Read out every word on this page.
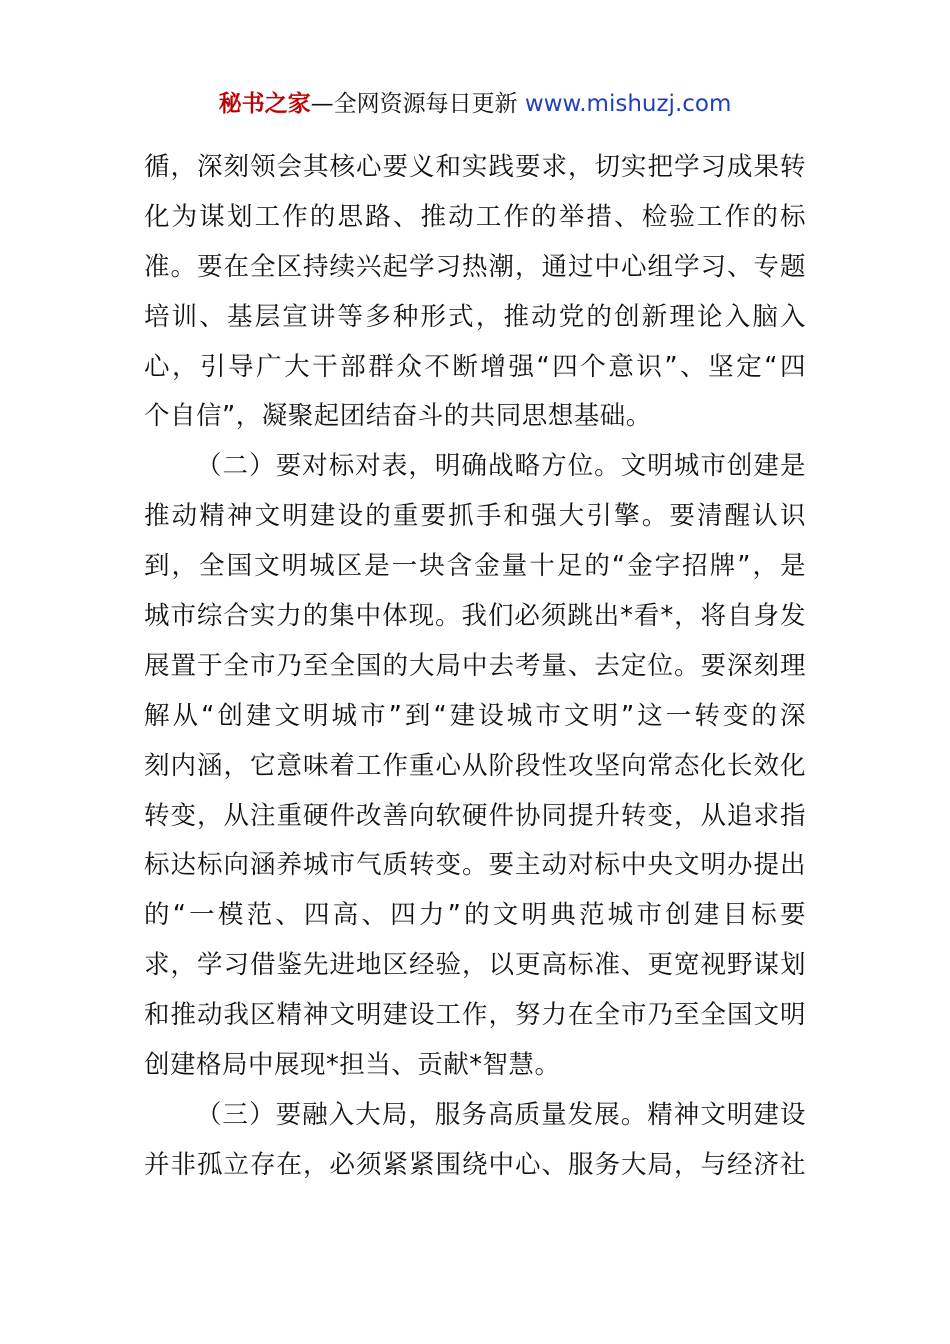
秘书之家—全网资源每日更新 www.mishuzj.com
循，深刻领会其核心要义和实践要求，切实把学习成果转
化为谋划工作的思路、推动工作的举措、检验工作的标
准。要在全区持续兴起学习热潮，通过中心组学习、专题
培训、基层宣讲等多种形式，推动党的创新理论入脑入
心，引导广大干部群众不断增强“四个意识”、坚定“四
个自信”，凝聚起团结奋斗的共同思想基础。
（二）要对标对表，明确战略方位。文明城市创建是
推动精神文明建设的重要抓手和强大引擎。要清醒认识
到，全国文明城区是一块含金量十足的“金字招牌”，是
城市综合实力的集中体现。我们必须跳出*看*，将自身发
展置于全市乃至全国的大局中去考量、去定位。要深刻理
解从“创建文明城市”到“建设城市文明”这一转变的深
刻内涵，它意味着工作重心从阶段性攻坚向常态化长效化
转变，从注重硬件改善向软硬件协同提升转变，从追求指
标达标向涵养城市气质转变。要主动对标中央文明办提出
的“一模范、四高、四力”的文明典范城市创建目标要
求，学习借鉴先进地区经验，以更高标准、更宽视野谋划
和推动我区精神文明建设工作，努力在全市乃至全国文明
创建格局中展现*担当、贡献*智慧。
（三）要融入大局，服务高质量发展。精神文明建设
并非孤立存在，必须紧紧围绕中心、服务大局，与经济社
